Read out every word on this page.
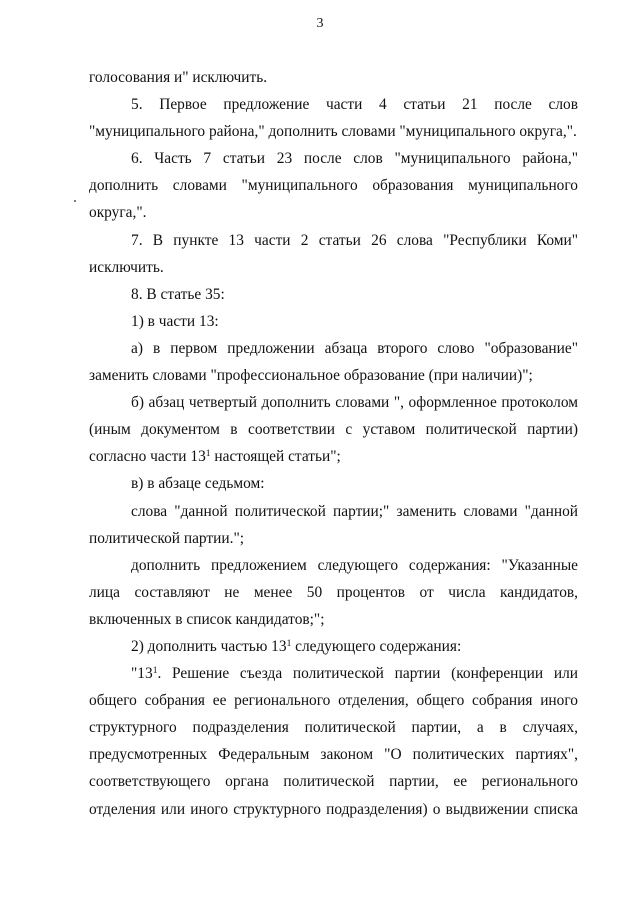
3

голосования и" исключить.

5. Первое предложение части 4 статьи 21 после слов "муниципального района," дополнить словами "муниципального округа,".

6. Часть 7 статьи 23 после слов "муниципального района," дополнить словами "муниципального образования муниципального округа,".

7. В пункте 13 части 2 статьи 26 слова "Республики Коми" исключить.

8. В статье 35:

1) в части 13:

а) в первом предложении абзаца второго слово "образование" заменить словами "профессиональное образование (при наличии)";

б) абзац четвертый дополнить словами ", оформленное протоколом (иным документом в соответствии с уставом политической партии) согласно части $13^1$ настоящей статьи";

в) в абзаце седьмом:

слова "данной политической партии;" заменить словами "данной политической партии.";

дополнить предложением следующего содержания: "Указанные лица составляют не менее 50 процентов от числа кандидатов, включенных в список кандидатов;";

2) дополнить частью $13^1$ следующего содержания:

"$13^1$. Решение съезда политической партии (конференции или общего собрания ее регионального отделения, общего собрания иного структурного подразделения политической партии, а в случаях, предусмотренных Федеральным законом "О политических партиях", соответствующего органа политической партии, ее регионального отделения или иного структурного подразделения) о выдвижении списка
